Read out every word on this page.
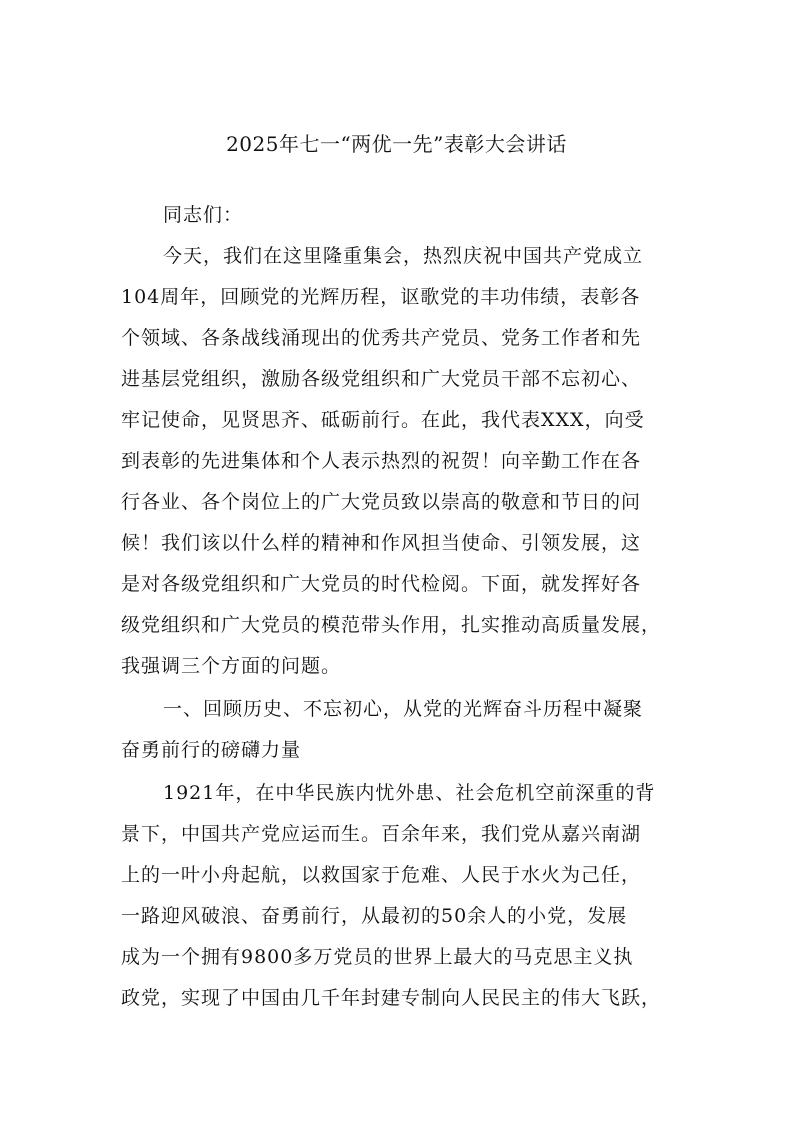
2025年七一“两优一先”表彰大会讲话
同志们：
今天，我们在这里隆重集会，热烈庆祝中国共产党成立
104周年，回顾党的光辉历程，讴歌党的丰功伟绩，表彰各
个领域、各条战线涌现出的优秀共产党员、党务工作者和先
进基层党组织，激励各级党组织和广大党员干部不忘初心、
牢记使命，见贤思齐、砥砺前行。在此，我代表XXX，向受
到表彰的先进集体和个人表示热烈的祝贺！向辛勤工作在各
行各业、各个岗位上的广大党员致以崇高的敬意和节日的问
候！我们该以什么样的精神和作风担当使命、引领发展，这
是对各级党组织和广大党员的时代检阅。下面，就发挥好各
级党组织和广大党员的模范带头作用，扎实推动高质量发展，
我强调三个方面的问题。
一、回顾历史、不忘初心，从党的光辉奋斗历程中凝聚
奋勇前行的磅礴力量
1921年，在中华民族内忧外患、社会危机空前深重的背
景下，中国共产党应运而生。百余年来，我们党从嘉兴南湖
上的一叶小舟起航，以救国家于危难、人民于水火为己任，
一路迎风破浪、奋勇前行，从最初的50余人的小党，发展
成为一个拥有9800多万党员的世界上最大的马克思主义执
政党，实现了中国由几千年封建专制向人民民主的伟大飞跃，
